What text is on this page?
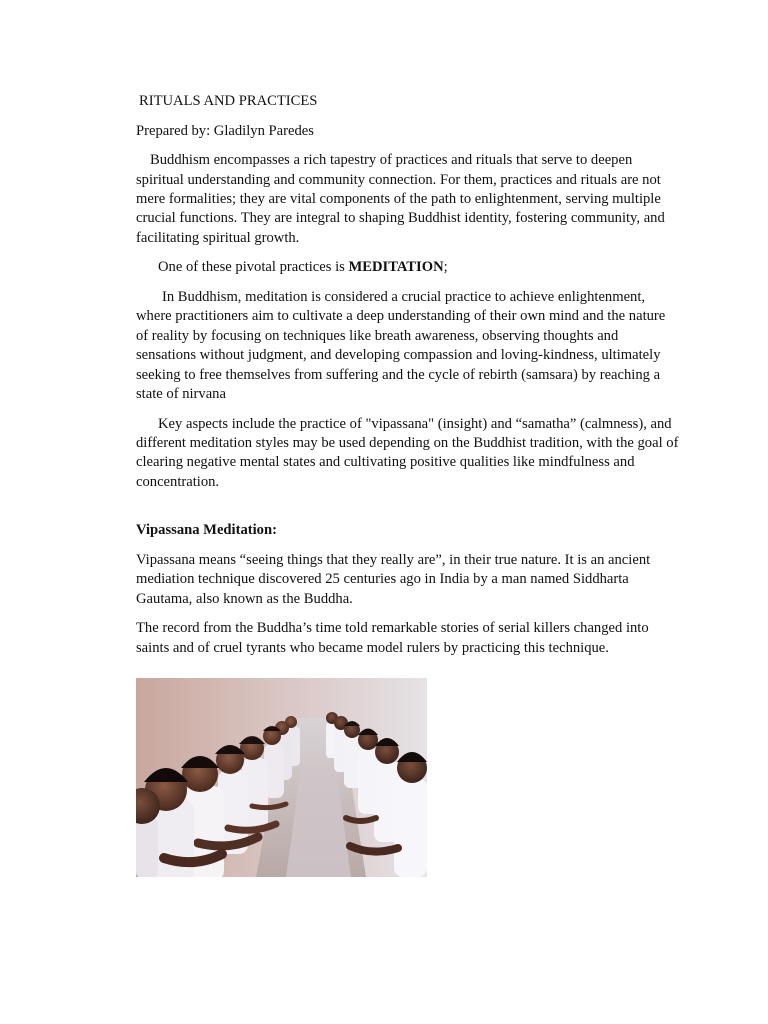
RITUALS AND PRACTICES

Prepared by: Gladilyn Paredes

Buddhism encompasses a rich tapestry of practices and rituals that serve to deepen spiritual understanding and community connection. For them, practices and rituals are not mere formalities; they are vital components of the path to enlightenment, serving multiple crucial functions. They are integral to shaping Buddhist identity, fostering community, and facilitating spiritual growth.

One of these pivotal practices is MEDITATION;

In Buddhism, meditation is considered a crucial practice to achieve enlightenment, where practitioners aim to cultivate a deep understanding of their own mind and the nature of reality by focusing on techniques like breath awareness, observing thoughts and sensations without judgment, and developing compassion and loving-kindness, ultimately seeking to free themselves from suffering and the cycle of rebirth (samsara) by reaching a state of nirvana

Key aspects include the practice of "vipassana" (insight) and “samatha” (calmness), and different meditation styles may be used depending on the Buddhist tradition, with the goal of clearing negative mental states and cultivating positive qualities like mindfulness and concentration.

Vipassana Meditation:

Vipassana means “seeing things that they really are”, in their true nature. It is an ancient mediation technique discovered 25 centuries ago in India by a man named Siddharta Gautama, also known as the Buddha.

The record from the Buddha’s time told remarkable stories of serial killers changed into saints and of cruel tyrants who became model rulers by practicing this technique.
